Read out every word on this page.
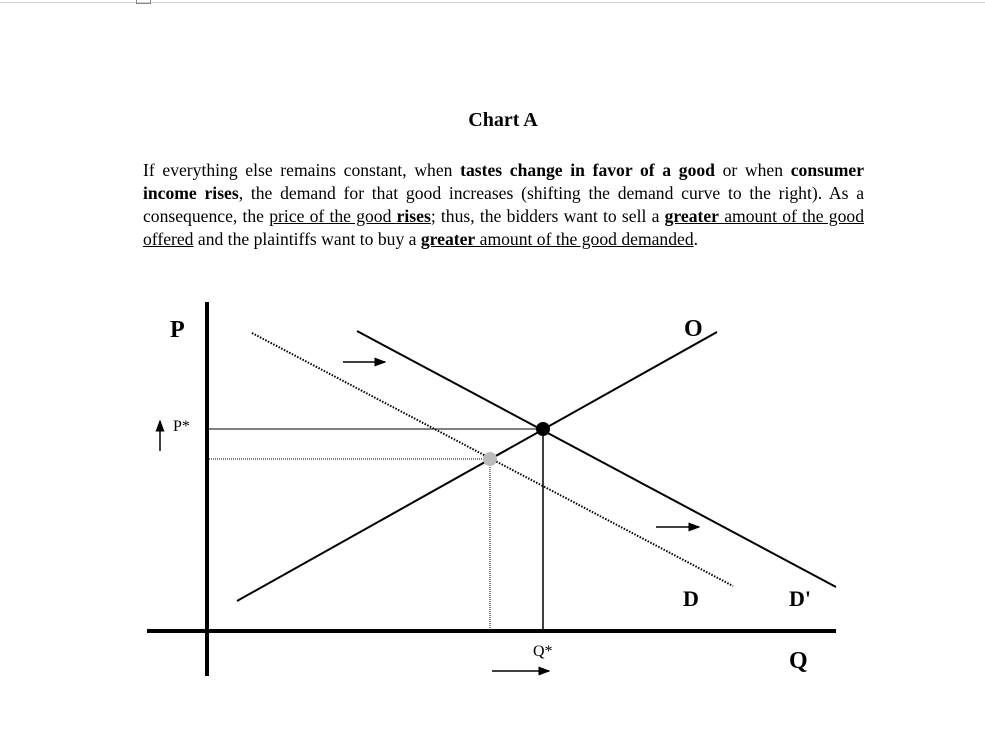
Chart A
If everything else remains constant, when tastes change in favor of a good or when consumer income rises, the demand for that good increases (shifting the demand curve to the right). As a consequence, the price of the good rises; thus, the bidders want to sell a greater amount of the good offered and the plaintiffs want to buy a greater amount of the good demanded.
P	O
P*
D	D'
Q*	Q
